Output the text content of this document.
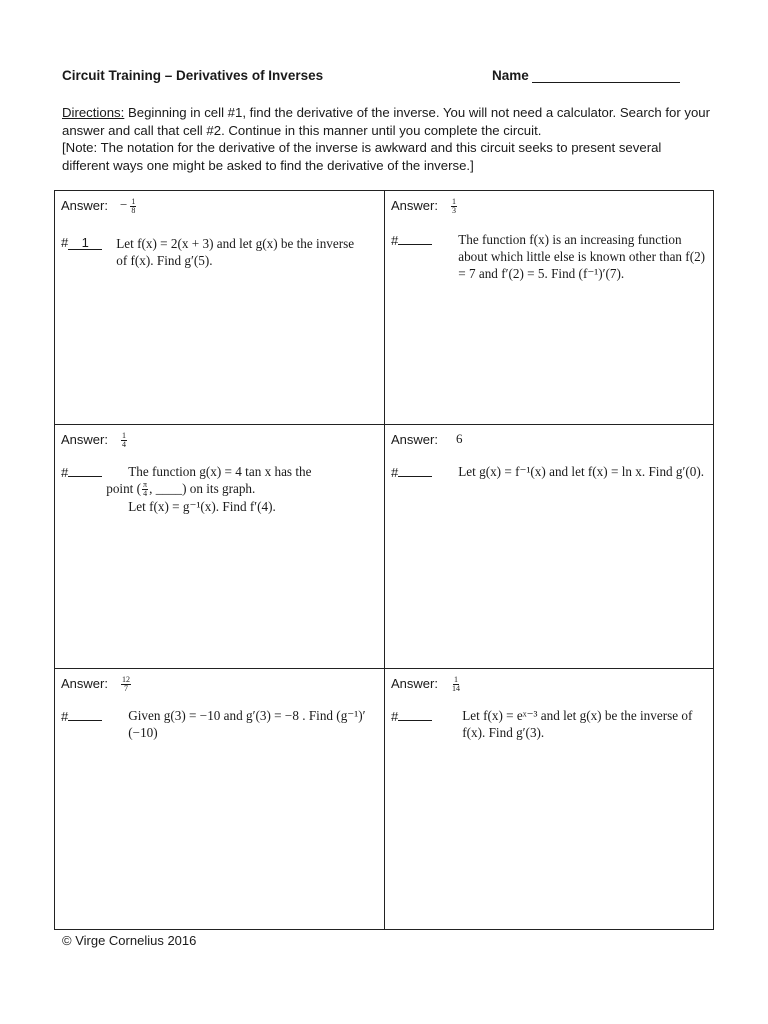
Circuit Training – Derivatives of Inverses	Name

Directions: Beginning in cell #1, find the derivative of the inverse. You will not need a calculator. Search for your answer and call that cell #2. Continue in this manner until you complete the circuit.

[Note: The notation for the derivative of the inverse is awkward and this circuit seeks to present several different ways one might be asked to find the derivative of the inverse.]

Answer: − $\frac{1}{8}$
# 1	Let f(x) = 2(x + 3) and let g(x) be the inverse of f(x). Find g′(5).
Answer: $\frac{1}{3}$
#	The function f(x) is an increasing function about which little else is known other than f(2) = 7 and f′(2) = 5. Find (f⁻¹)′(7).
Answer: $\frac{1}{4}$
#	The function g(x) = 4 tan x has the

point ( $\frac{\pi}{4}$ , ____) on its graph.

Let f(x) = g⁻¹(x). Find f′(4).

Answer: 6
#	Let g(x) = f⁻¹(x) and let f(x) = ln x. Find g′(0).
Answer: $\frac{12}{7}$
#	Given g(3) = −10 and g′(3) = −8 . Find (g⁻¹)′(−10)
Answer: $\frac{1}{14}$
#	Let f(x) = eˣ⁻³ and let g(x) be the inverse of f(x). Find g′(3).
© Virge Cornelius 2016
